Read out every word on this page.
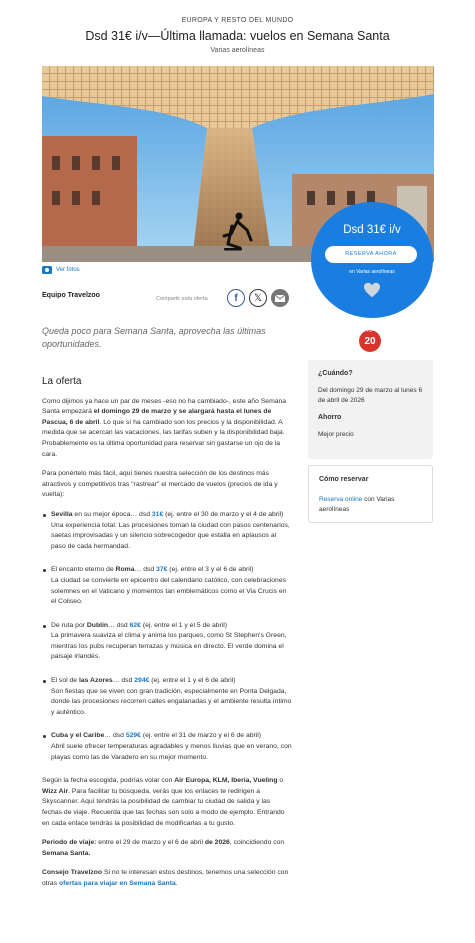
EUROPA Y RESTO DEL MUNDO
Dsd 31€ i/v—Última llamada: vuelos en Semana Santa
Varias aerolíneas
Ver fotos
Dsd 31€ i/v
RESERVA AHORA
en Varias aerolíneas
Equipo Travelzoo	Compartir esta oferta	f	𝕏
Queda poco para Semana Santa, aprovecha las últimas oportunidades.
TOP
20
¿Cuándo?
Del domingo 29 de marzo al lunes 6 de abril de 2026
Ahorro
Mejor precio
Cómo reservar
Reserva online con Varias aerolíneas
La oferta

Como dijimos ya hace un par de meses -eso no ha cambiado-, este año Semana Santa empezará el domingo 29 de marzo y se alargará hasta el lunes de Pascua, 6 de abril. Lo que sí ha cambiado son los precios y la disponibilidad. A medida que se acercan las vacaciones, las tarifas suben y la disponibilidad baja. Probablemente es la última oportunidad para reservar sin gastarse un ojo de la cara.

Para ponértelo más fácil, aquí tienes nuestra selección de los destinos más atractivos y competitivos tras "rastrear" el mercado de vuelos (precios de ida y vuelta):

Sevilla en su mejor época… dsd 31€ (ej. entre el 30 de marzo y el 4 de abril)
Una experiencia total. Las procesiones toman la ciudad con pasos centenarios, saetas improvisadas y un silencio sobrecogedor que estalla en aplausos al paso de cada hermandad.
El encanto eterno de Roma… dsd 37€ (ej. entre el 3 y el 6 de abril)
La ciudad se convierte en epicentro del calendario católico, con celebraciones solemnes en el Vaticano y momentos tan emblemáticos como el Via Crucis en el Coliseo.
De ruta por Dublín… dsd 62€ (ej. entre el 1 y el 5 de abril)
La primavera suaviza el clima y anima los parques, como St Stephen's Green, mientras los pubs recuperan terrazas y música en directo. El verde domina el paisaje irlandés.
El sol de las Azores… dsd 294€ (ej. entre el 1 y el 6 de abril)
Son fiestas que se viven con gran tradición, especialmente en Ponta Delgada, donde las procesiones recorren calles engalanadas y el ambiente resulta íntimo y auténtico.
Cuba y el Caribe… dsd 529€ (ej. entre el 31 de marzo y el 6 de abril)
Abril suele ofrecer temperaturas agradables y menos lluvias que en verano, con playas como las de Varadero en su mejor momento.

Según la fecha escogida, podrías volar con Air Europa, KLM, Iberia, Vueling o Wizz Air. Para facilitar tu búsqueda, verás que los enlaces te redirigen a Skyscanner. Aquí tendrás la posibilidad de cambiar tu ciudad de salida y las fechas de viaje. Recuerda que las fechas son solo a modo de ejemplo. Entrando en cada enlace tendrás la posibilidad de modificarlas a tu gusto.

Periodo de viaje: entre el 29 de marzo y el 6 de abril de 2026, coincidiendo con Semana Santa.

Consejo Travelzoo Si no te interesan estos destinos, tenemos una selección con otras ofertas para viajar en Semana Santa.
